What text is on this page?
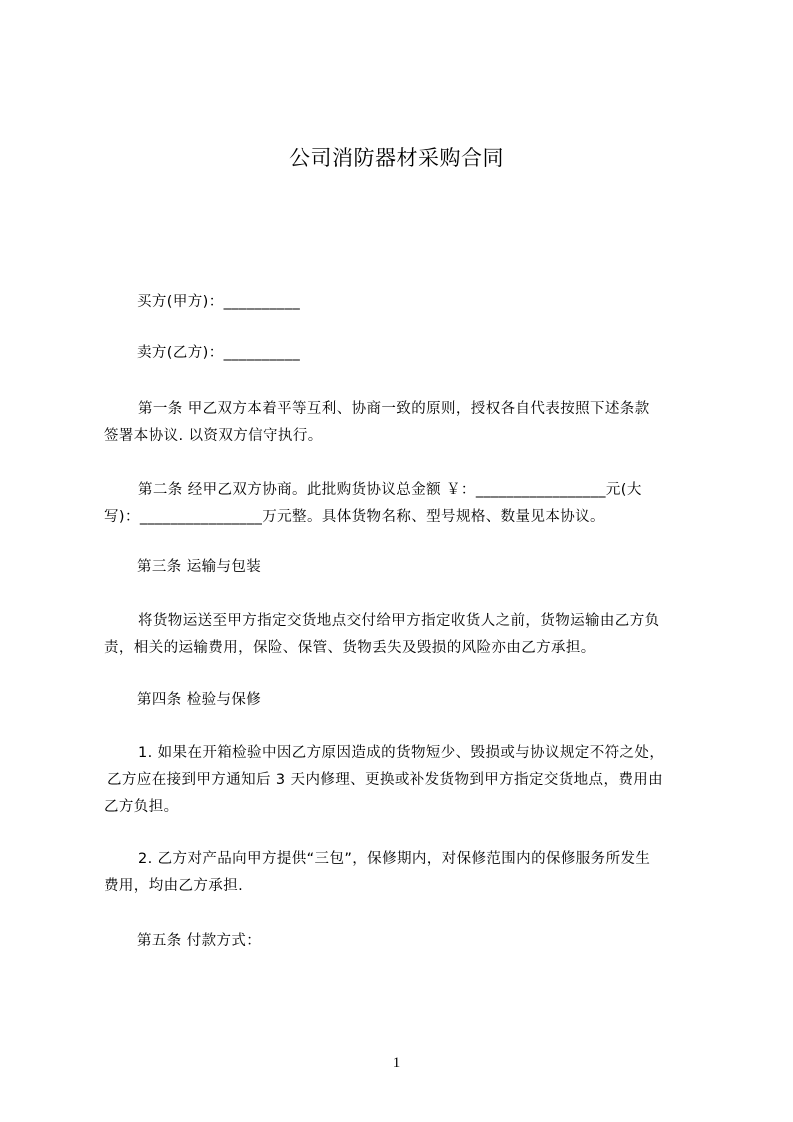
公司消防器材采购合同
买方(甲方)：__________
卖方(乙方)：__________
第一条 甲乙双方本着平等互利、协商一致的原则，授权各自代表按照下述条款
签署本协议. 以资双方信守执行。
第二条 经甲乙双方协商。此批购货协议总金额 ￥：_________________元(大
写)：________________万元整。具体货物名称、型号规格、数量见本协议。
第三条 运输与包装
将货物运送至甲方指定交货地点交付给甲方指定收货人之前，货物运输由乙方负
责，相关的运输费用，保险、保管、货物丢失及毁损的风险亦由乙方承担。
第四条 检验与保修
1. 如果在开箱检验中因乙方原因造成的货物短少、毁损或与协议规定不符之处，
乙方应在接到甲方通知后 3 天内修理、更换或补发货物到甲方指定交货地点，费用由
乙方负担。
2. 乙方对产品向甲方提供“三包”，保修期内，对保修范围内的保修服务所发生
费用，均由乙方承担.
第五条 付款方式：
1
